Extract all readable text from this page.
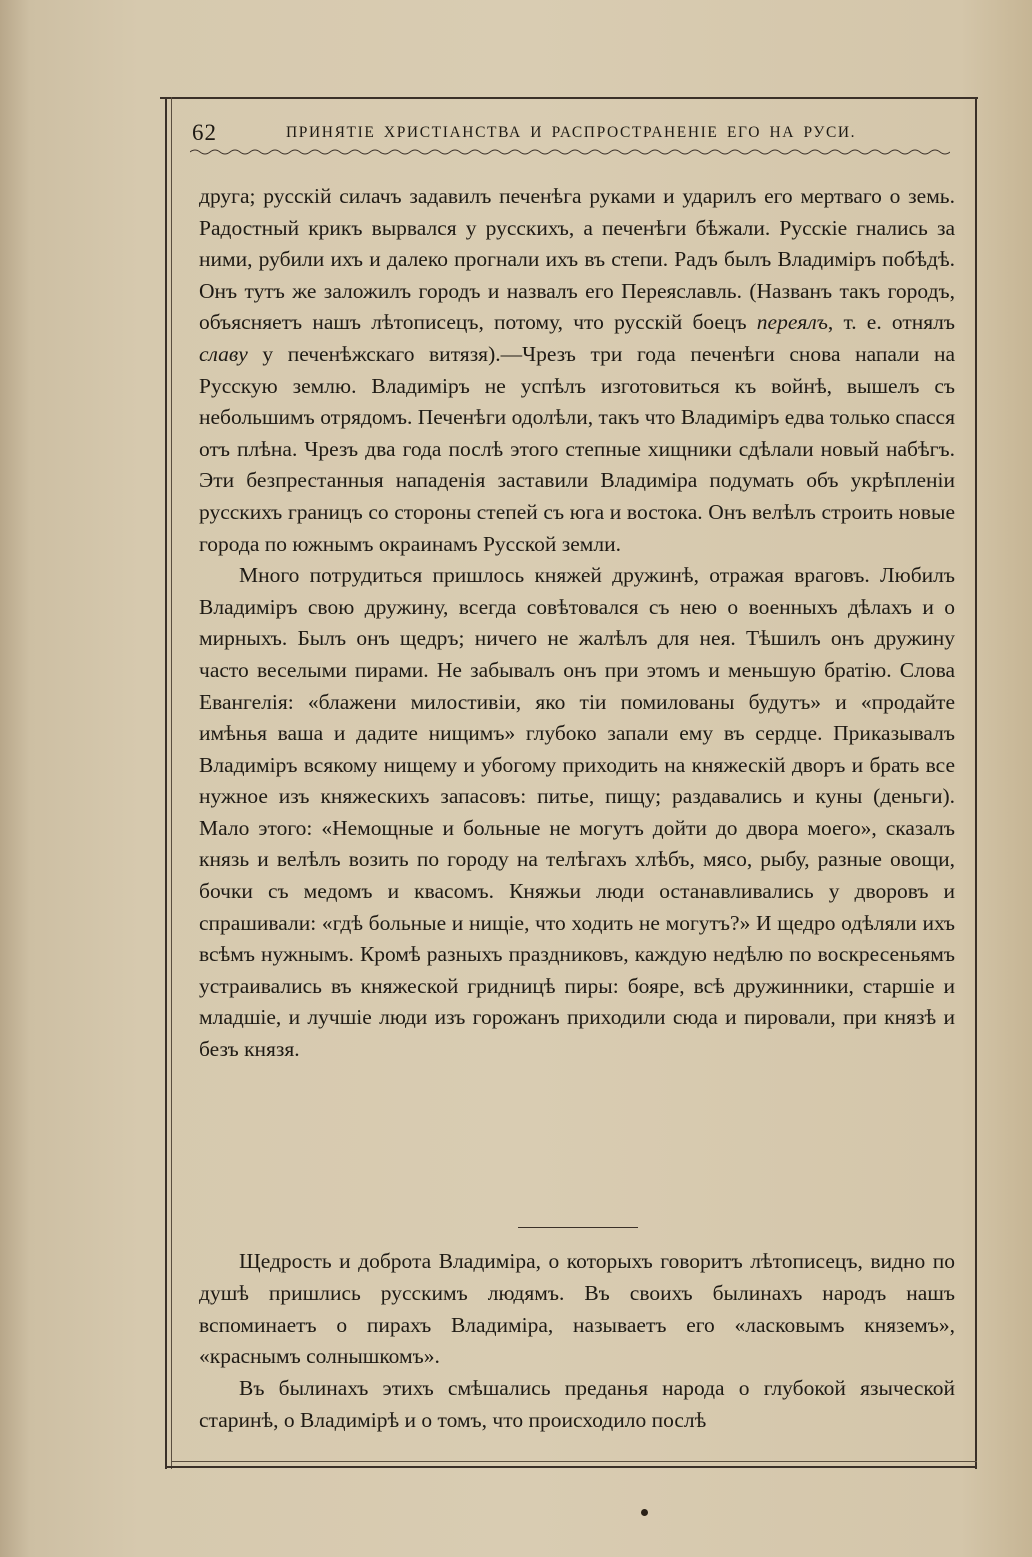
62	ПРИНЯТІЕ ХРИСТІАНСТВА И РАСПРОСТРАНЕНІЕ ЕГО НА РУСИ.

друга; русскій силачъ задавилъ печенѣга руками и ударилъ его мертваго о земь. Радостный крикъ вырвался у русскихъ, а печенѣги бѣжали. Русскіе гнались за ними, рубили ихъ и далеко прогнали ихъ въ степи. Радъ былъ Владиміръ побѣдѣ. Онъ тутъ же заложилъ городъ и назвалъ его Переяславль. (Названъ такъ городъ, объясняетъ нашъ лѣтописецъ, потому, что русскій боецъ переялъ, т. е. отнялъ славу у печенѣжскаго витязя).—Чрезъ три года печенѣги снова напали на Русскую землю. Владиміръ не успѣлъ изготовиться къ войнѣ, вышелъ съ небольшимъ отрядомъ. Печенѣги одолѣли, такъ что Владиміръ едва только спасся отъ плѣна. Чрезъ два года послѣ этого степные хищники сдѣлали новый набѣгъ. Эти безпрестанныя нападенія заставили Владиміра подумать объ укрѣпленіи русскихъ границъ со стороны степей съ юга и востока. Онъ велѣлъ строить новые города по южнымъ окраинамъ Русской земли.

Много потрудиться пришлось княжей дружинѣ, отражая враговъ. Любилъ Владиміръ свою дружину, всегда совѣтовался съ нею о военныхъ дѣлахъ и о мирныхъ. Былъ онъ щедръ; ничего не жалѣлъ для нея. Тѣшилъ онъ дружину часто веселыми пирами. Не забывалъ онъ при этомъ и меньшую братію. Слова Евангелія: «блажени милостивіи, яко тіи помилованы будутъ» и «продайте имѣнья ваша и дадите нищимъ» глубоко запали ему въ сердце. Приказывалъ Владиміръ всякому нищему и убогому приходить на княжескій дворъ и брать все нужное изъ княжескихъ запасовъ: питье, пищу; раздавались и куны (деньги). Мало этого: «Немощные и больные не могутъ дойти до двора моего», сказалъ князь и велѣлъ возить по городу на телѣгахъ хлѣбъ, мясо, рыбу, разные овощи, бочки съ медомъ и квасомъ. Княжьи люди останавливались у дворовъ и спрашивали: «гдѣ больные и нищіе, что ходить не могутъ?» И щедро одѣляли ихъ всѣмъ нужнымъ. Кромѣ разныхъ праздниковъ, каждую недѣлю по воскресеньямъ устраивались въ княжеской гридницѣ пиры: бояре, всѣ дружинники, старшіе и младшіе, и лучшіе люди изъ горожанъ приходили сюда и пировали, при князѣ и безъ князя.

Щедрость и доброта Владиміра, о которыхъ говоритъ лѣтописецъ, видно по душѣ пришлись русскимъ людямъ. Въ своихъ былинахъ народъ нашъ вспоминаетъ о пирахъ Владиміра, называетъ его «ласковымъ княземъ», «краснымъ солнышкомъ».

Въ былинахъ этихъ смѣшались преданья народа о глубокой языческой старинѣ, о Владимірѣ и о томъ, что происходило послѣ
